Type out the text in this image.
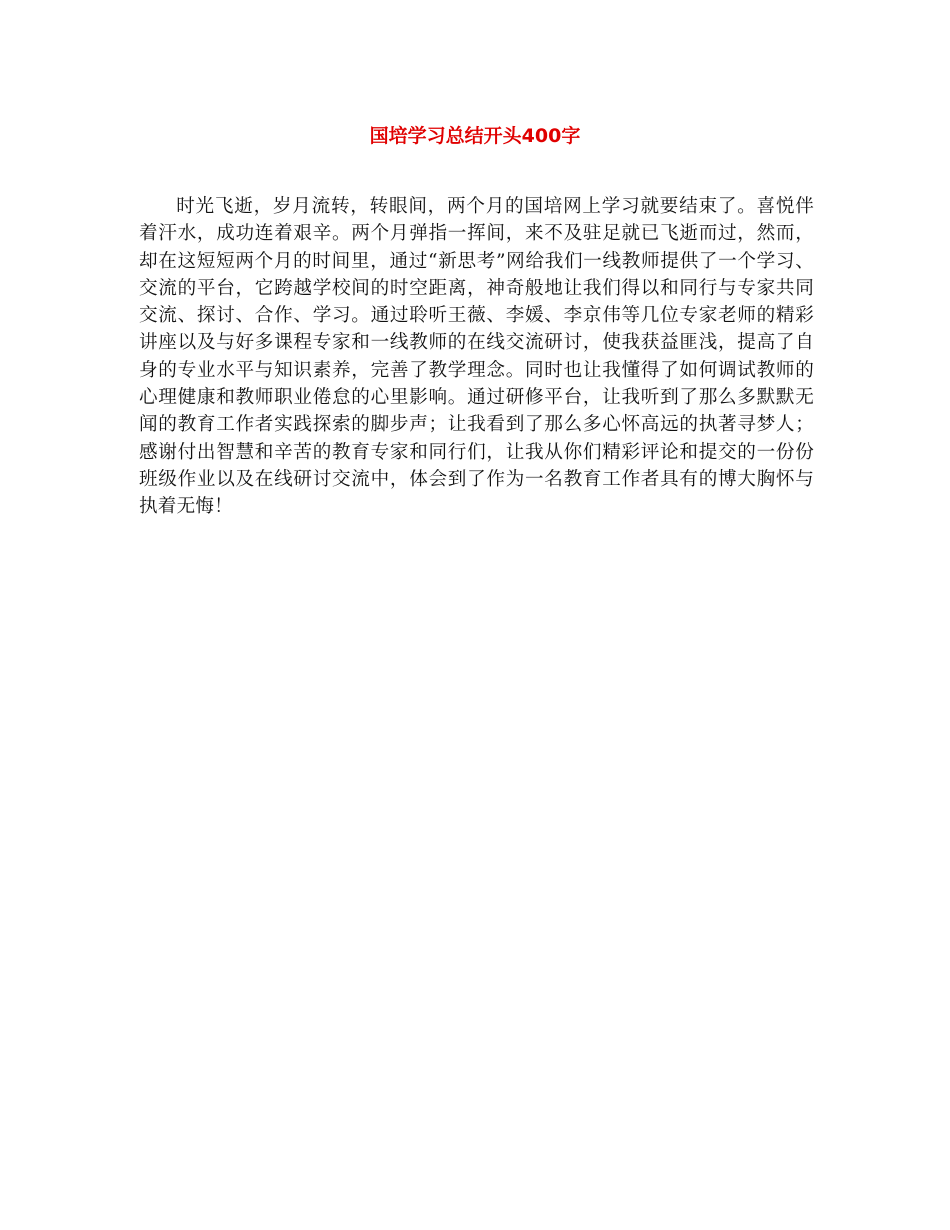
国培学习总结开头400字

时光飞逝，岁月流转，转眼间，两个月的国培网上学习就要结束了。喜悦伴着汗水，成功连着艰辛。两个月弹指一挥间，来不及驻足就已飞逝而过，然而，却在这短短两个月的时间里，通过“新思考”网给我们一线教师提供了一个学习、交流的平台，它跨越学校间的时空距离，神奇般地让我们得以和同行与专家共同交流、探讨、合作、学习。通过聆听王薇、李媛、李京伟等几位专家老师的精彩讲座以及与好多课程专家和一线教师的在线交流研讨，使我获益匪浅，提高了自身的专业水平与知识素养，完善了教学理念。同时也让我懂得了如何调试教师的心理健康和教师职业倦怠的心里影响。通过研修平台，让我听到了那么多默默无闻的教育工作者实践探索的脚步声；让我看到了那么多心怀高远的执著寻梦人；感谢付出智慧和辛苦的教育专家和同行们，让我从你们精彩评论和提交的一份份班级作业以及在线研讨交流中，体会到了作为一名教育工作者具有的博大胸怀与执着无悔！
